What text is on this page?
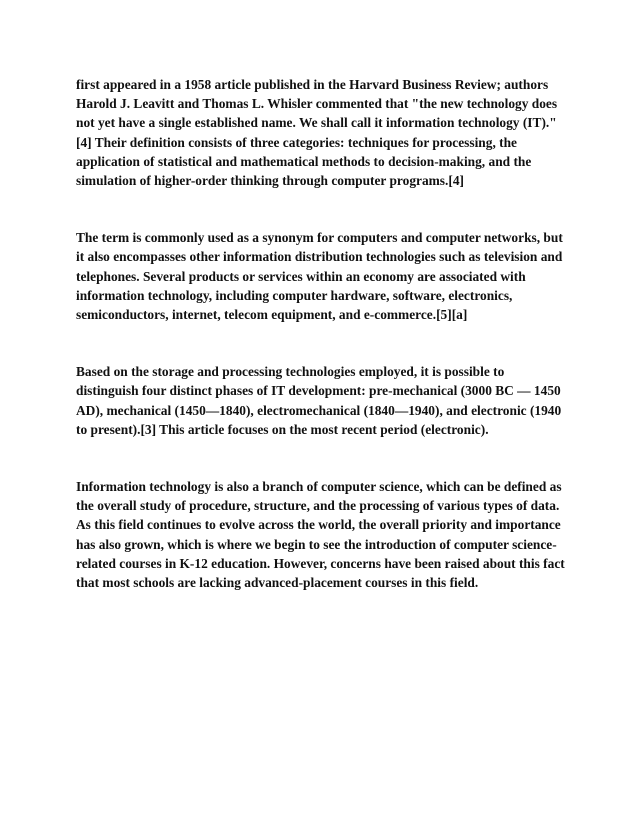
first appeared in a 1958 article published in the Harvard Business Review; authors Harold J. Leavitt and Thomas L. Whisler commented that "the new technology does not yet have a single established name. We shall call it information technology (IT)."[4] Their definition consists of three categories: techniques for processing, the application of statistical and mathematical methods to decision-making, and the simulation of higher-order thinking through computer programs.[4]

The term is commonly used as a synonym for computers and computer networks, but it also encompasses other information distribution technologies such as television and telephones. Several products or services within an economy are associated with information technology, including computer hardware, software, electronics, semiconductors, internet, telecom equipment, and e-commerce.[5][a]

Based on the storage and processing technologies employed, it is possible to distinguish four distinct phases of IT development: pre-mechanical (3000 BC — 1450 AD), mechanical (1450—1840), electromechanical (1840—1940), and electronic (1940 to present).[3] This article focuses on the most recent period (electronic).

Information technology is also a branch of computer science, which can be defined as the overall study of procedure, structure, and the processing of various types of data. As this field continues to evolve across the world, the overall priority and importance has also grown, which is where we begin to see the introduction of computer science-related courses in K-12 education. However, concerns have been raised about this fact that most schools are lacking advanced-placement courses in this field.
